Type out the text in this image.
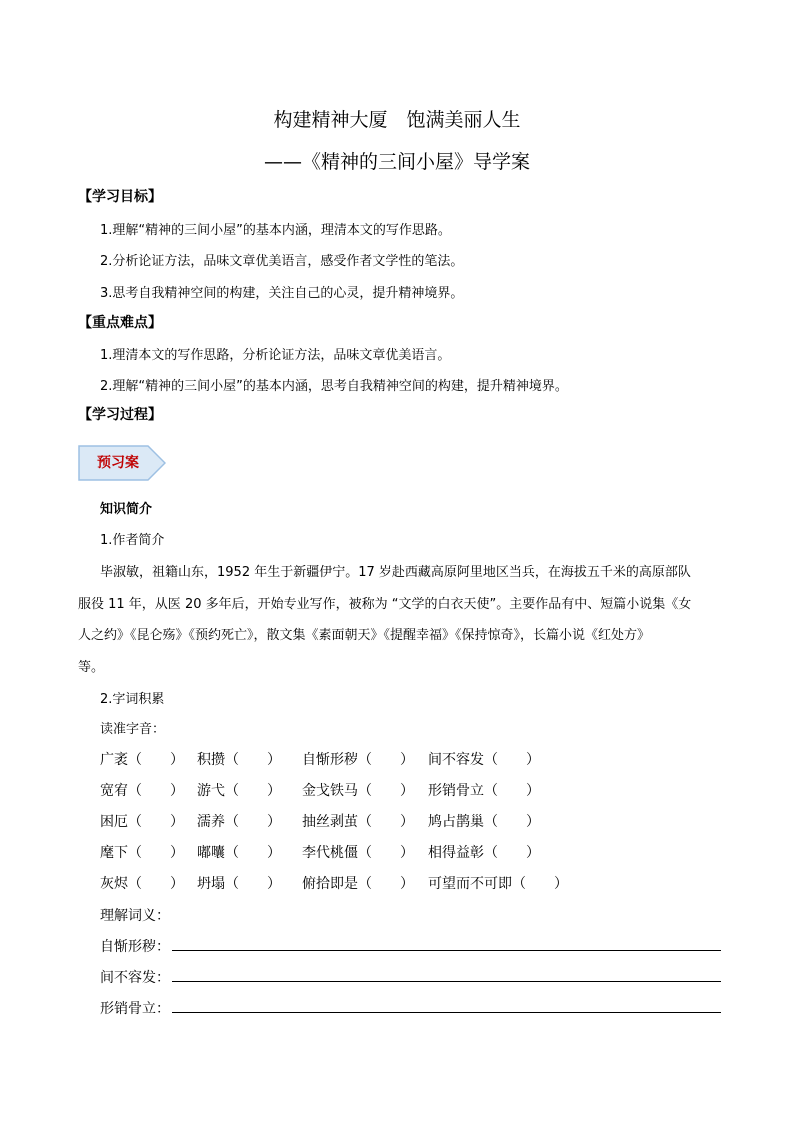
构建精神大厦　饱满美丽人生
——《精神的三间小屋》导学案
【学习目标】
1.理解“精神的三间小屋”的基本内涵，理清本文的写作思路。
2.分析论证方法，品味文章优美语言，感受作者文学性的笔法。
3.思考自我精神空间的构建，关注自己的心灵，提升精神境界。
【重点难点】
1.理清本文的写作思路，分析论证方法，品味文章优美语言。
2.理解“精神的三间小屋”的基本内涵，思考自我精神空间的构建，提升精神境界。
【学习过程】
预习案
知识简介
1.作者简介
毕淑敏，祖籍山东，1952 年生于新疆伊宁。17 岁赴西藏高原阿里地区当兵，在海拔五千米的高原部队
服役 11 年，从医 20 多年后，开始专业写作，被称为 “文学的白衣天使”。主要作品有中、短篇小说集《女
人之约》《昆仑殇》《预约死亡》，散文集《素面朝天》《提醒幸福》《保持惊奇》，长篇小说《红处方》
等。
2.字词积累
读准字音：
广袤（　　） 积攒（　　） 自惭形秽（　　） 间不容发（　　）
宽宥（　　） 游弋（　　） 金戈铁马（　　） 形销骨立（　　）
困厄（　　） 濡养（　　） 抽丝剥茧（　　） 鸠占鹊巢（　　）
麾下（　　） 嘟囔（　　） 李代桃僵（　　） 相得益彰（　　）
灰烬（　　） 坍塌（　　） 俯拾即是（　　） 可望而不可即（　　）
理解词义：
自惭形秽：
间不容发：
形销骨立：
